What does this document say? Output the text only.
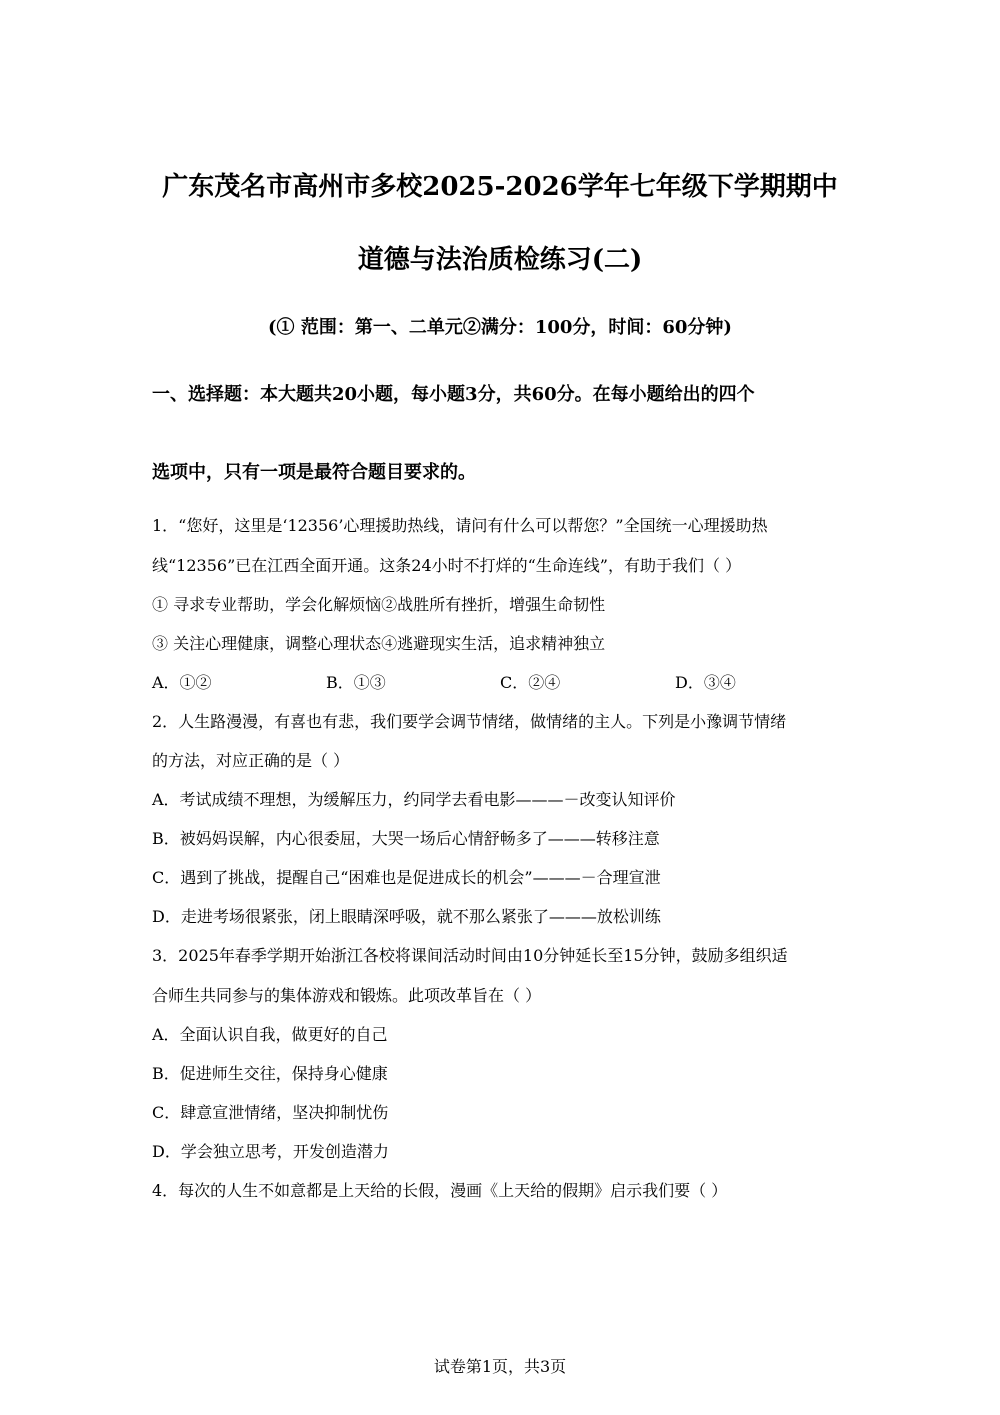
广东茂名市高州市多校2025-2026学年七年级下学期期中
道德与法治质检练习(二)
(① 范围：第一、二单元②满分：100分，时间：60分钟)
一、选择题：本大题共20小题，每小题3分，共60分。在每小题给出的四个
选项中，只有一项是最符合题目要求的。
1．“您好，这里是‘12356’心理援助热线，请问有什么可以帮您？”全国统一心理援助热
线“12356”已在江西全面开通。这条24小时不打烊的“生命连线”，有助于我们（ ）
① 寻求专业帮助，学会化解烦恼②战胜所有挫折，增强生命韧性
③ 关注心理健康，调整心理状态④逃避现实生活，追求精神独立
A．①②	B．①③	C．②④	D．③④
2．人生路漫漫，有喜也有悲，我们要学会调节情绪，做情绪的主人。下列是小豫调节情绪
的方法，对应正确的是（ ）
A．考试成绩不理想，为缓解压力，约同学去看电影———－改变认知评价
B．被妈妈误解，内心很委屈，大哭一场后心情舒畅多了———转移注意
C．遇到了挑战，提醒自己“困难也是促进成长的机会”———－合理宣泄
D．走进考场很紧张，闭上眼睛深呼吸，就不那么紧张了———放松训练
3．2025年春季学期开始浙江各校将课间活动时间由10分钟延长至15分钟，鼓励多组织适
合师生共同参与的集体游戏和锻炼。此项改革旨在（ ）
A．全面认识自我，做更好的自己
B．促进师生交往，保持身心健康
C．肆意宣泄情绪，坚决抑制忧伤
D．学会独立思考，开发创造潜力
4．每次的人生不如意都是上天给的长假，漫画《上天给的假期》启示我们要（ ）
试卷第1页，共3页
